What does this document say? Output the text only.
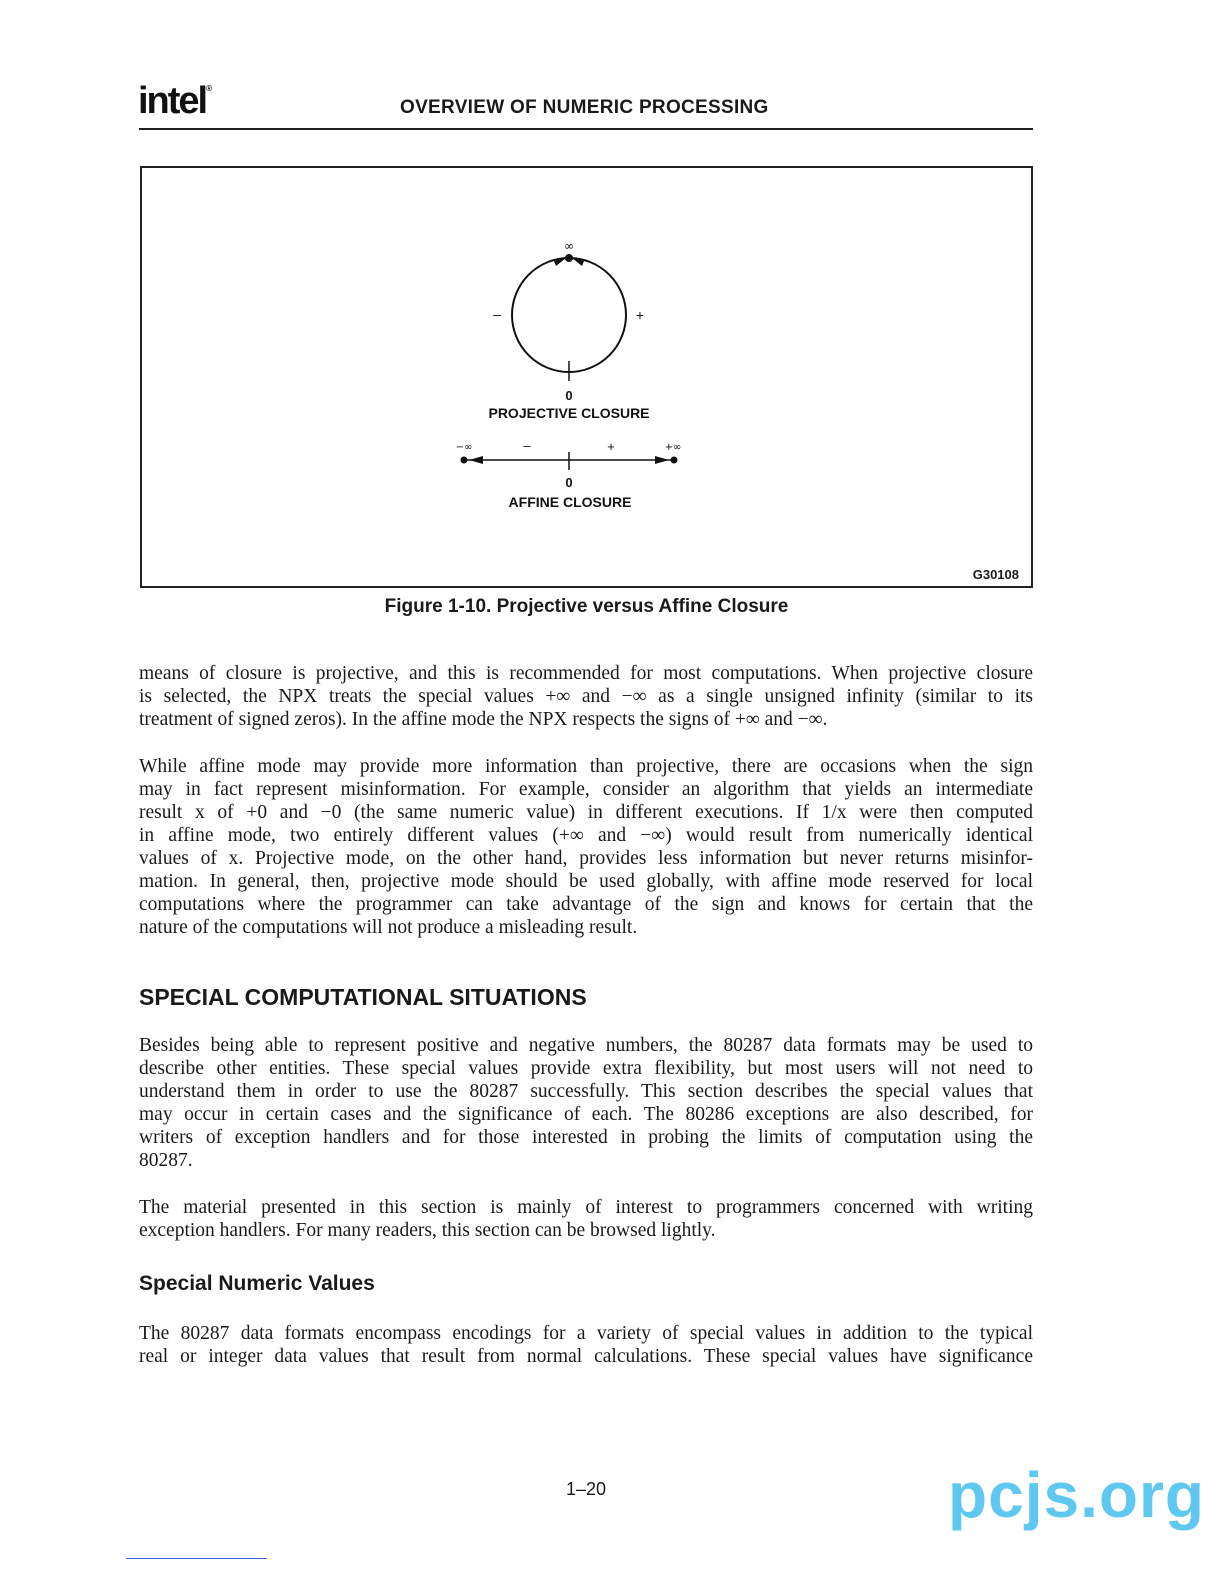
intel®
OVERVIEW OF NUMERIC PROCESSING
∞
–	+
0
PROJECTIVE CLOSURE
−∞	–	+	+∞
0
AFFINE CLOSURE
G30108
Figure 1-10. Projective versus Affine Closure
means of closure is projective, and this is recommended for most computations. When projective closure
is selected, the NPX treats the special values +∞ and −∞ as a single unsigned infinity (similar to its
treatment of signed zeros). In the affine mode the NPX respects the signs of +∞ and −∞.
While affine mode may provide more information than projective, there are occasions when the sign
may in fact represent misinformation. For example, consider an algorithm that yields an intermediate
result x of +0 and −0 (the same numeric value) in different executions. If 1/x were then computed
in affine mode, two entirely different values (+∞ and −∞) would result from numerically identical
values of x. Projective mode, on the other hand, provides less information but never returns misinfor-
mation. In general, then, projective mode should be used globally, with affine mode reserved for local
computations where the programmer can take advantage of the sign and knows for certain that the
nature of the computations will not produce a misleading result.
SPECIAL COMPUTATIONAL SITUATIONS
Besides being able to represent positive and negative numbers, the 80287 data formats may be used to
describe other entities. These special values provide extra flexibility, but most users will not need to
understand them in order to use the 80287 successfully. This section describes the special values that
may occur in certain cases and the significance of each. The 80286 exceptions are also described, for
writers of exception handlers and for those interested in probing the limits of computation using the
80287.
The material presented in this section is mainly of interest to programmers concerned with writing
exception handlers. For many readers, this section can be browsed lightly.
Special Numeric Values
The 80287 data formats encompass encodings for a variety of special values in addition to the typical
real or integer data values that result from normal calculations. These special values have significance
1–20	pcjs.org
